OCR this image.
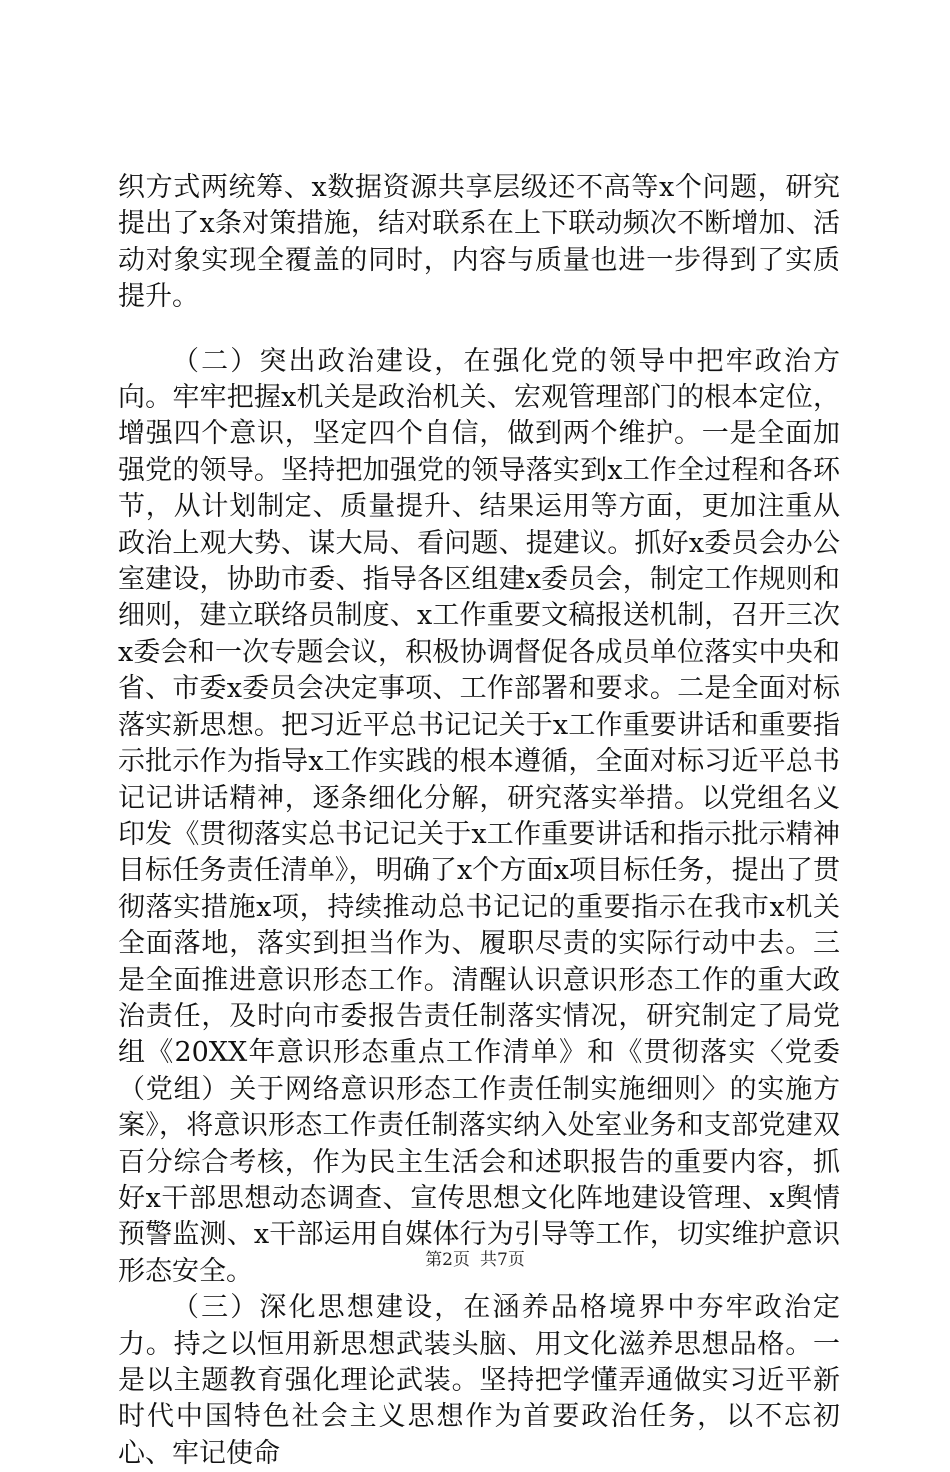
织方式两统筹、x数据资源共享层级还不高等x个问题，研究提出了x条对策措施，结对联系在上下联动频次不断增加、活动对象实现全覆盖的同时，内容与质量也进一步得到了实质提升。

（二）突出政治建设，在强化党的领导中把牢政治方向。牢牢把握x机关是政治机关、宏观管理部门的根本定位，增强四个意识，坚定四个自信，做到两个维护。一是全面加强党的领导。坚持把加强党的领导落实到x工作全过程和各环节，从计划制定、质量提升、结果运用等方面，更加注重从政治上观大势、谋大局、看问题、提建议。抓好x委员会办公室建设，协助市委、指导各区组建x委员会，制定工作规则和细则，建立联络员制度、x工作重要文稿报送机制，召开三次x委会和一次专题会议，积极协调督促各成员单位落实中央和省、市委x委员会决定事项、工作部署和要求。二是全面对标落实新思想。把习近平总书记记关于x工作重要讲话和重要指示批示作为指导x工作实践的根本遵循，全面对标习近平总书记记讲话精神，逐条细化分解，研究落实举措。以党组名义印发《贯彻落实总书记记关于x工作重要讲话和指示批示精神目标任务责任清单》，明确了x个方面x项目标任务，提出了贯彻落实措施x项，持续推动总书记记的重要指示在我市x机关全面落地，落实到担当作为、履职尽责的实际行动中去。三是全面推进意识形态工作。清醒认识意识形态工作的重大政治责任，及时向市委报告责任制落实情况，研究制定了局党组《20XX年意识形态重点工作清单》和《贯彻落实〈党委（党组）关于网络意识形态工作责任制实施细则〉的实施方案》，将意识形态工作责任制落实纳入处室业务和支部党建双百分综合考核，作为民主生活会和述职报告的重要内容，抓好x干部思想动态调查、宣传思想文化阵地建设管理、x舆情预警监测、x干部运用自媒体行为引导等工作，切实维护意识形态安全。

（三）深化思想建设，在涵养品格境界中夯牢政治定力。持之以恒用新思想武装头脑、用文化滋养思想品格。一是以主题教育强化理论武装。坚持把学懂弄通做实习近平新时代中国特色社会主义思想作为首要政治任务，以不忘初心、牢记使命

第2页 共7页
